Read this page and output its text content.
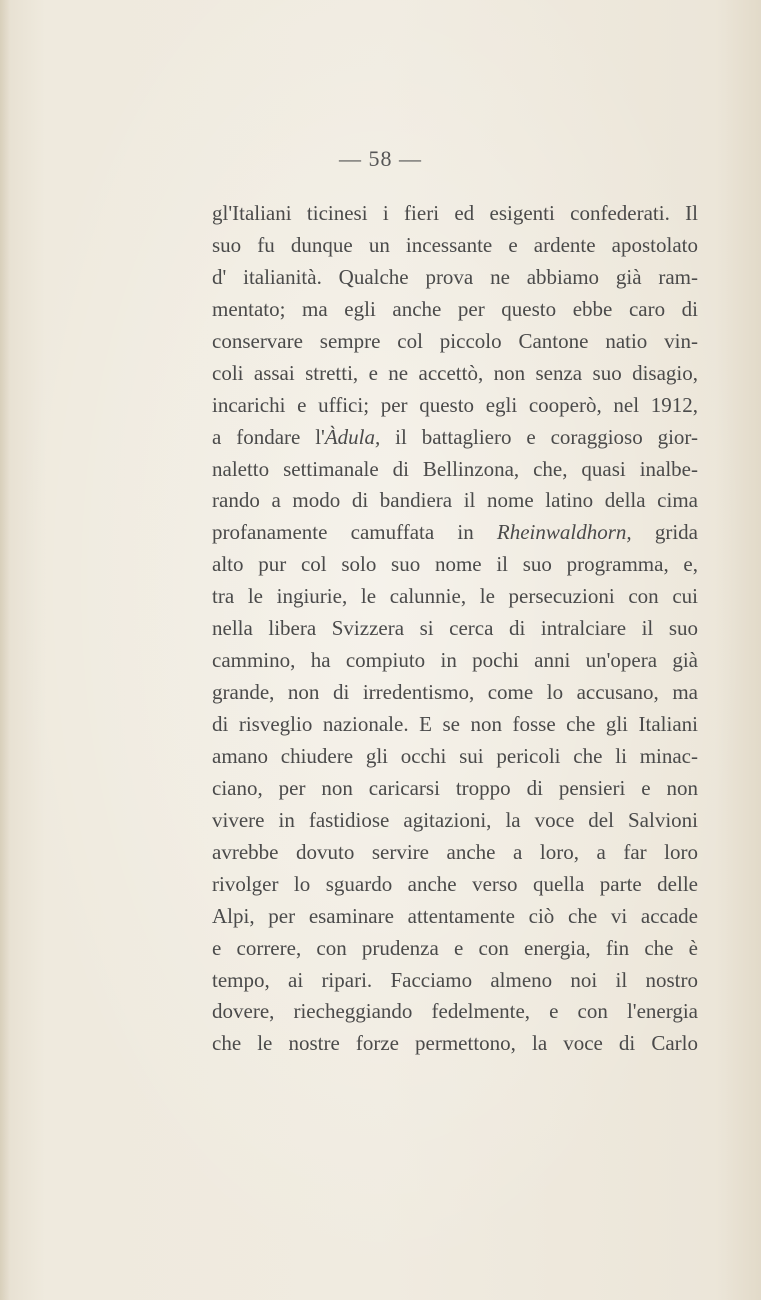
— 58 —
gl'Italiani ticinesi i fieri ed esigenti confederati. Il
suo fu dunque un incessante e ardente apostolato
d' italianità. Qualche prova ne abbiamo già ram-
mentato; ma egli anche per questo ebbe caro di
conservare sempre col piccolo Cantone natio vin-
coli assai stretti, e ne accettò, non senza suo disagio,
incarichi e uffici; per questo egli cooperò, nel 1912,
a fondare l'Àdula, il battagliero e coraggioso gior-
naletto settimanale di Bellinzona, che, quasi inalbe-
rando a modo di bandiera il nome latino della cima
profanamente camuffata in Rheinwaldhorn, grida
alto pur col solo suo nome il suo programma, e,
tra le ingiurie, le calunnie, le persecuzioni con cui
nella libera Svizzera si cerca di intralciare il suo
cammino, ha compiuto in pochi anni un'opera già
grande, non di irredentismo, come lo accusano, ma
di risveglio nazionale. E se non fosse che gli Italiani
amano chiudere gli occhi sui pericoli che li minac-
ciano, per non caricarsi troppo di pensieri e non
vivere in fastidiose agitazioni, la voce del Salvioni
avrebbe dovuto servire anche a loro, a far loro
rivolger lo sguardo anche verso quella parte delle
Alpi, per esaminare attentamente ciò che vi accade
e correre, con prudenza e con energia, fin che è
tempo, ai ripari. Facciamo almeno noi il nostro
dovere, riecheggiando fedelmente, e con l'energia
che le nostre forze permettono, la voce di Carlo
